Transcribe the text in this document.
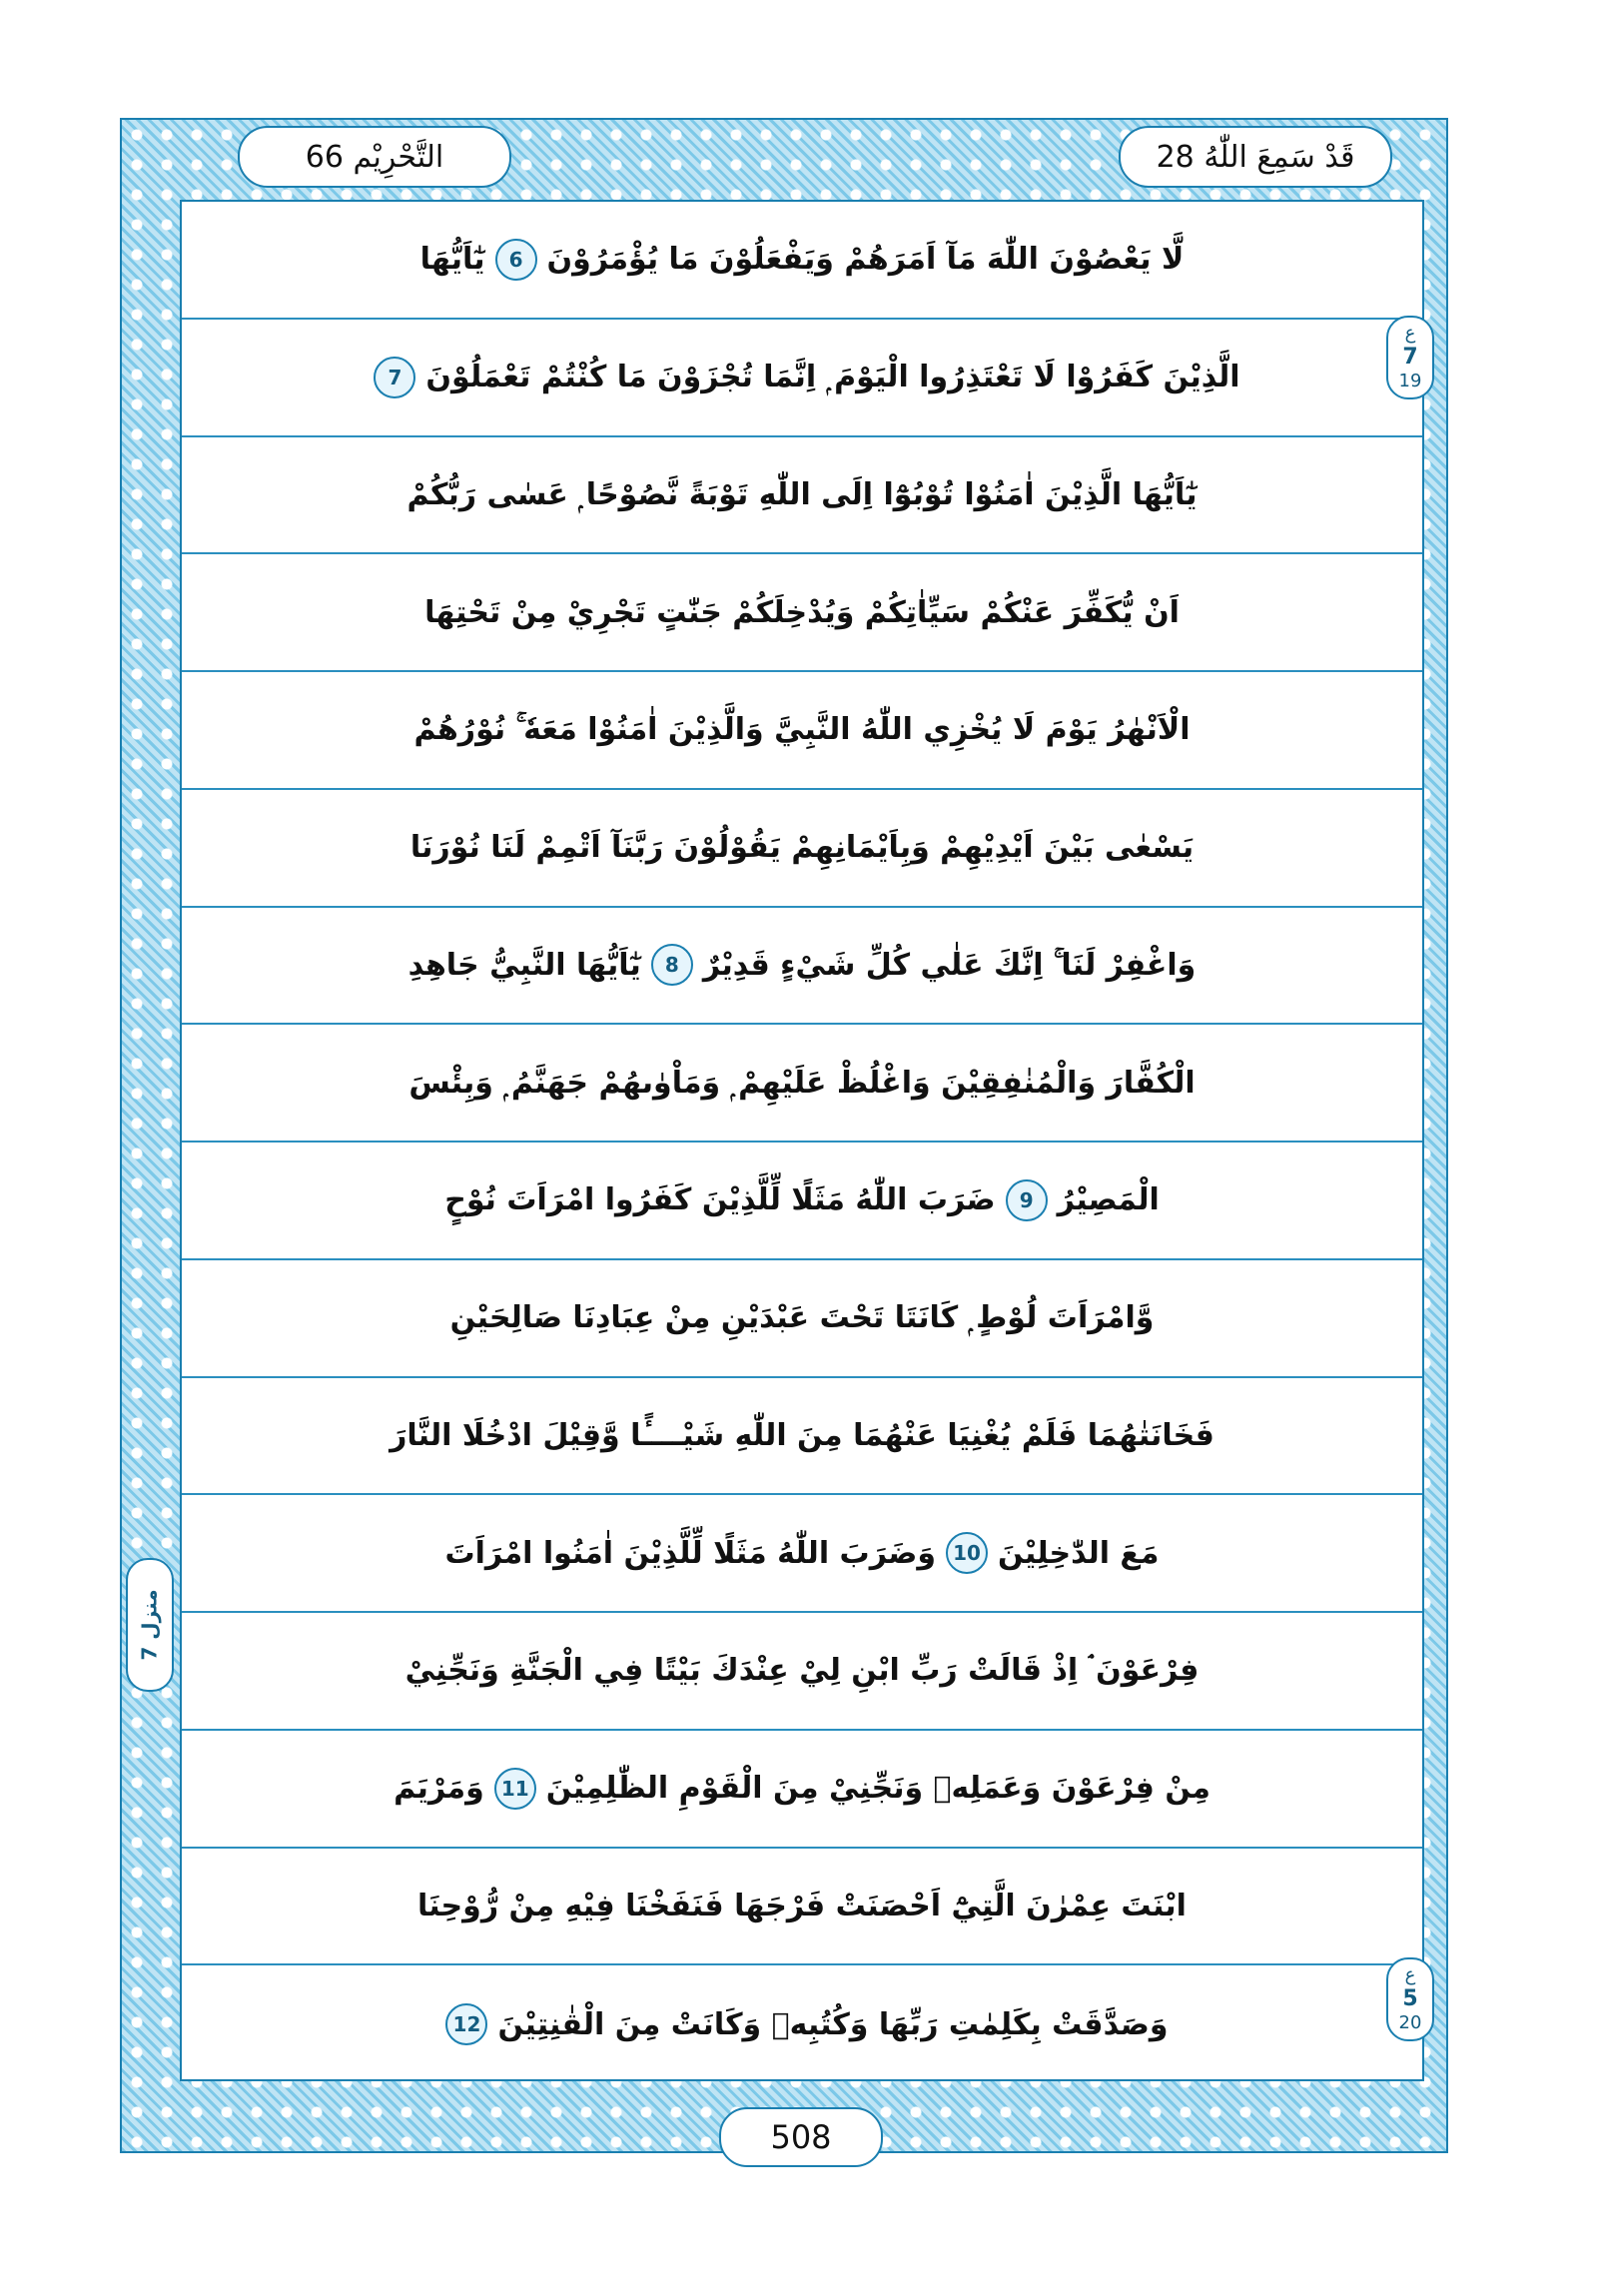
قَدْ سَمِعَ اللّٰهُ 28
التَّحْرِيْم 66
لَّا يَعْصُوْنَ اللّٰهَ مَآ اَمَرَهُمْ وَيَفْعَلُوْنَ مَا يُؤْمَرُوْنَ
6
يٰٓاَيُّهَا
الَّذِيْنَ كَفَرُوْا لَا تَعْتَذِرُوا الْيَوْمَ ۭ اِنَّمَا تُجْزَوْنَ مَا كُنْتُمْ تَعْمَلُوْنَ
7
يٰٓاَيُّهَا الَّذِيْنَ اٰمَنُوْا تُوْبُوْٓا اِلَى اللّٰهِ تَوْبَةً نَّصُوْحًا ۭ عَسٰى رَبُّكُمْ
اَنْ يُّكَفِّرَ عَنْكُمْ سَيِّاٰتِكُمْ وَيُدْخِلَكُمْ جَنّٰتٍ تَجْرِيْ مِنْ تَحْتِهَا
الْاَنْهٰرُ يَوْمَ لَا يُخْزِي اللّٰهُ النَّبِيَّ وَالَّذِيْنَ اٰمَنُوْا مَعَهٗ ۚ نُوْرُهُمْ
يَسْعٰى بَيْنَ اَيْدِيْهِمْ وَبِاَيْمَانِهِمْ يَقُوْلُوْنَ رَبَّنَآ اَتْمِمْ لَنَا نُوْرَنَا
وَاغْفِرْ لَنَا ۚ اِنَّكَ عَلٰي كُلِّ شَيْءٍ قَدِيْرٌ
8
يٰٓاَيُّهَا النَّبِيُّ جَاهِدِ
الْكُفَّارَ وَالْمُنٰفِقِيْنَ وَاغْلُظْ عَلَيْهِمْ ۭ وَمَاْوٰىهُمْ جَهَنَّمُ ۭ وَبِئْسَ
الْمَصِيْرُ
9
ضَرَبَ اللّٰهُ مَثَلًا لِّلَّذِيْنَ كَفَرُوا امْرَاَتَ نُوْحٍ
وَّامْرَاَتَ لُوْطٍ ۭ كَانَتَا تَحْتَ عَبْدَيْنِ مِنْ عِبَادِنَا صَالِحَيْنِ
فَخَانَتٰهُمَا فَلَمْ يُغْنِيَا عَنْهُمَا مِنَ اللّٰهِ شَيْــــًٔا وَّقِيْلَ ادْخُلَا النَّارَ
مَعَ الدّٰخِلِيْنَ
10
وَضَرَبَ اللّٰهُ مَثَلًا لِّلَّذِيْنَ اٰمَنُوا امْرَاَتَ
فِرْعَوْنَ ۘ اِذْ قَالَتْ رَبِّ ابْنِ لِيْ عِنْدَكَ بَيْتًا فِي الْجَنَّةِ وَنَجِّنِيْ
مِنْ فِرْعَوْنَ وَعَمَلِهٖ وَنَجِّنِيْ مِنَ الْقَوْمِ الظّٰلِمِيْنَ
11
وَمَرْيَمَ
ابْنَتَ عِمْرٰنَ الَّتِيْٓ اَحْصَنَتْ فَرْجَهَا فَنَفَخْنَا فِيْهِ مِنْ رُّوْحِنَا
وَصَدَّقَتْ بِكَلِمٰتِ رَبِّهَا وَكُتُبِهٖ وَكَانَتْ مِنَ الْقٰنِتِيْنَ
12
ع
7
19
ع
5
20
منزل 7
508
